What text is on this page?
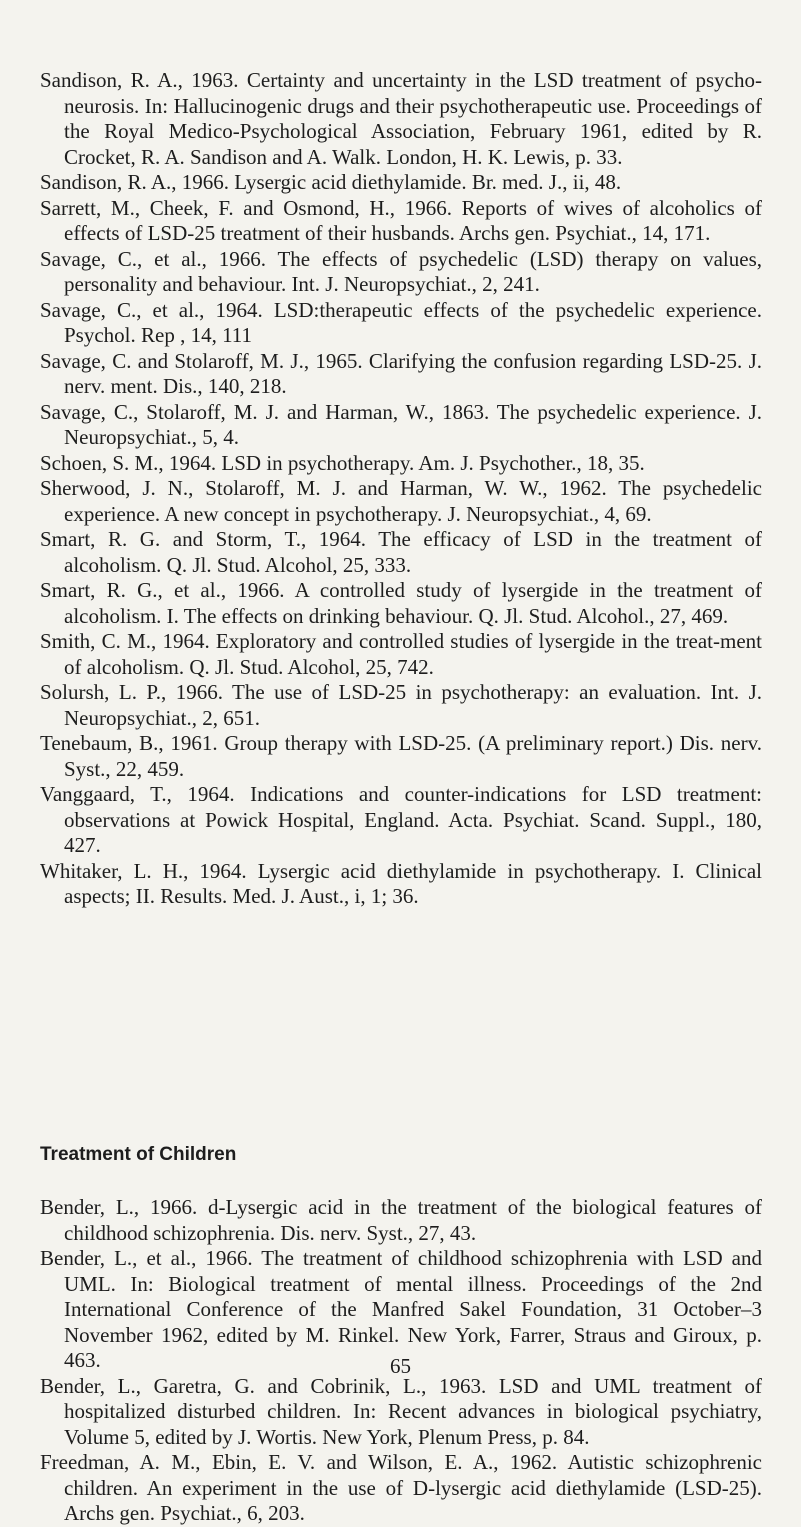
Sandison, R. A., 1963. Certainty and uncertainty in the LSD treatment of psycho-neurosis. In: Hallucinogenic drugs and their psychotherapeutic use. Proceedings of the Royal Medico-Psychological Association, February 1961, edited by R. Crocket, R. A. Sandison and A. Walk. London, H. K. Lewis, p. 33.

Sandison, R. A., 1966. Lysergic acid diethylamide. Br. med. J., ii, 48.

Sarrett, M., Cheek, F. and Osmond, H., 1966. Reports of wives of alcoholics of effects of LSD-25 treatment of their husbands. Archs gen. Psychiat., 14, 171.

Savage, C., et al., 1966. The effects of psychedelic (LSD) therapy on values, personality and behaviour. Int. J. Neuropsychiat., 2, 241.

Savage, C., et al., 1964. LSD:therapeutic effects of the psychedelic experience. Psychol. Rep , 14, 111

Savage, C. and Stolaroff, M. J., 1965. Clarifying the confusion regarding LSD-25. J. nerv. ment. Dis., 140, 218.

Savage, C., Stolaroff, M. J. and Harman, W., 1863. The psychedelic experience. J. Neuropsychiat., 5, 4.

Schoen, S. M., 1964. LSD in psychotherapy. Am. J. Psychother., 18, 35.

Sherwood, J. N., Stolaroff, M. J. and Harman, W. W., 1962. The psychedelic experience. A new concept in psychotherapy. J. Neuropsychiat., 4, 69.

Smart, R. G. and Storm, T., 1964. The efficacy of LSD in the treatment of alcoholism. Q. Jl. Stud. Alcohol, 25, 333.

Smart, R. G., et al., 1966. A controlled study of lysergide in the treatment of alcoholism. I. The effects on drinking behaviour. Q. Jl. Stud. Alcohol., 27, 469.

Smith, C. M., 1964. Exploratory and controlled studies of lysergide in the treat-ment of alcoholism. Q. Jl. Stud. Alcohol, 25, 742.

Solursh, L. P., 1966. The use of LSD-25 in psychotherapy: an evaluation. Int. J. Neuropsychiat., 2, 651.

Tenebaum, B., 1961. Group therapy with LSD-25. (A preliminary report.) Dis. nerv. Syst., 22, 459.

Vanggaard, T., 1964. Indications and counter-indications for LSD treatment: observations at Powick Hospital, England. Acta. Psychiat. Scand. Suppl., 180, 427.

Whitaker, L. H., 1964. Lysergic acid diethylamide in psychotherapy. I. Clinical aspects; II. Results. Med. J. Aust., i, 1; 36.

Treatment of Children

Bender, L., 1966. d-Lysergic acid in the treatment of the biological features of childhood schizophrenia. Dis. nerv. Syst., 27, 43.

Bender, L., et al., 1966. The treatment of childhood schizophrenia with LSD and UML. In: Biological treatment of mental illness. Proceedings of the 2nd International Conference of the Manfred Sakel Foundation, 31 October–3 November 1962, edited by M. Rinkel. New York, Farrer, Straus and Giroux, p. 463.

Bender, L., Garetra, G. and Cobrinik, L., 1963. LSD and UML treatment of hospitalized disturbed children. In: Recent advances in biological psychiatry, Volume 5, edited by J. Wortis. New York, Plenum Press, p. 84.

Freedman, A. M., Ebin, E. V. and Wilson, E. A., 1962. Autistic schizophrenic children. An experiment in the use of D-lysergic acid diethylamide (LSD-25). Archs gen. Psychiat., 6, 203.

65
